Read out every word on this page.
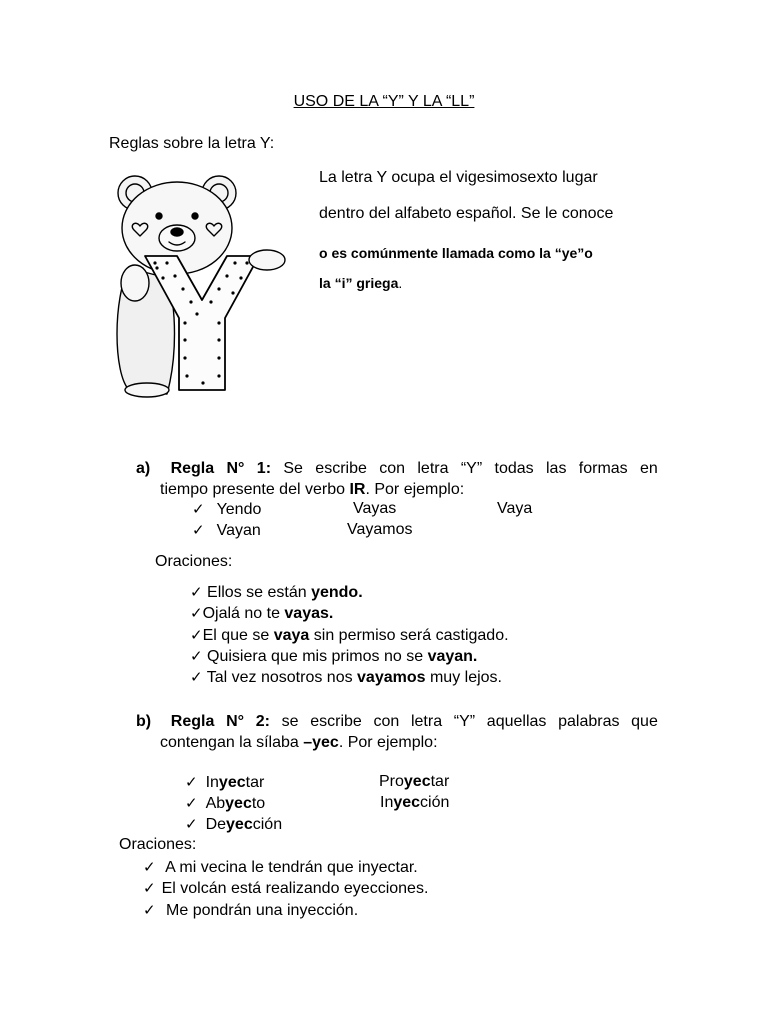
USO DE LA “Y” Y LA “LL”
Reglas sobre la letra Y:
La letra Y ocupa el vigesimosexto lugar
dentro del alfabeto español. Se le conoce
o es comúnmente llamada como la “ye”o
la “i” griega.
a) Regla N° 1: Se escribe con letra “Y” todas las formas en
tiempo presente del verbo IR. Por ejemplo:
✓ Yendo	Vayas	Vaya
✓ Vayan	Vayamos
Oraciones:
✓ Ellos se están yendo.
✓Ojalá no te vayas.
✓El que se vaya sin permiso será castigado.
✓ Quisiera que mis primos no se vayan.
✓ Tal vez nosotros nos vayamos muy lejos.
b) Regla N° 2: se escribe con letra “Y” aquellas palabras que
contengan la sílaba –yec. Por ejemplo:
✓ Inyectar	Proyectar
✓ Abyecto	Inyección
✓ Deyección
Oraciones:
✓ A mi vecina le tendrán que inyectar.
✓ El volcán está realizando eyecciones.
✓ Me pondrán una inyección.
